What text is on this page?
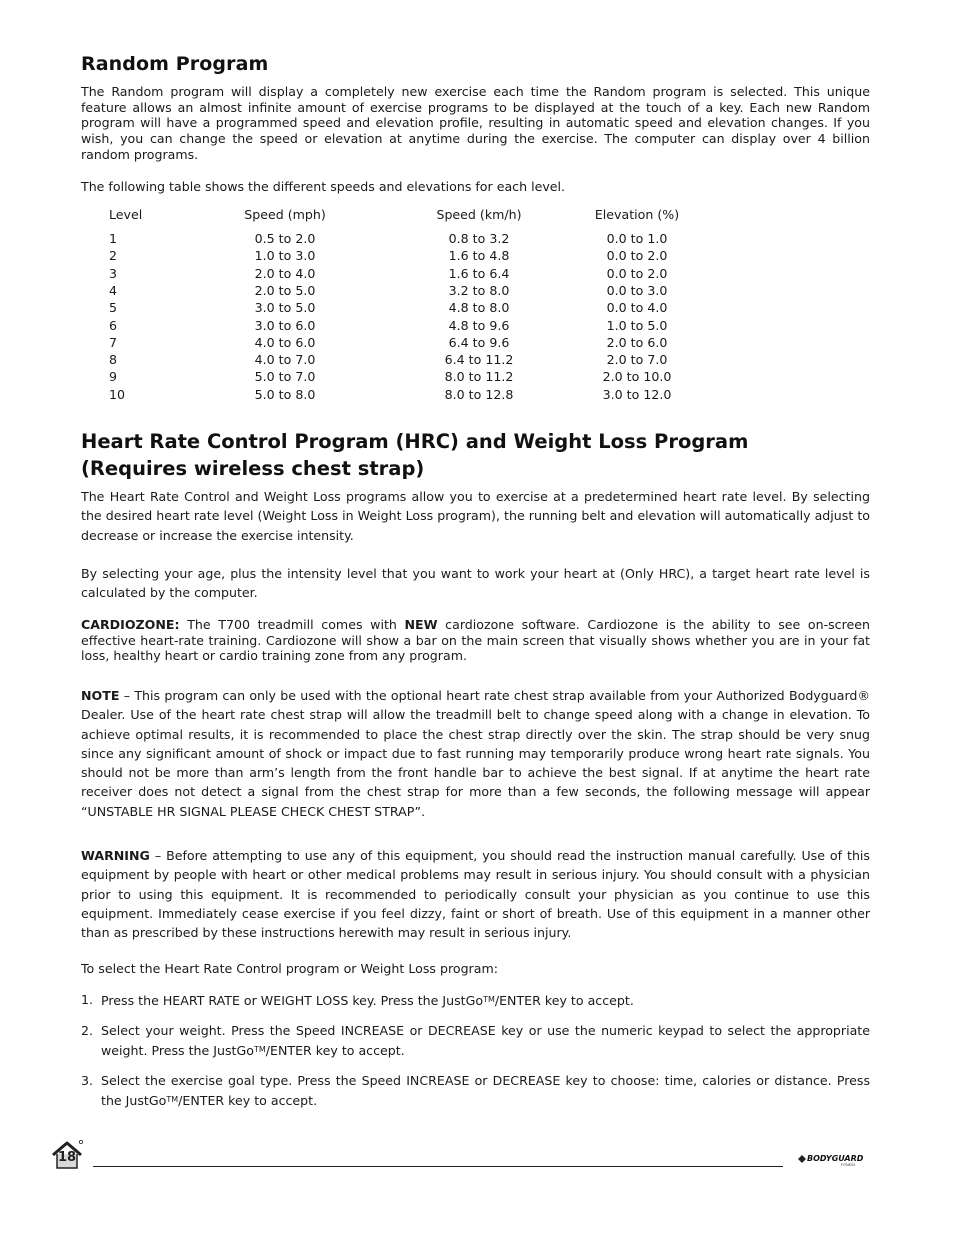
Random Program

The Random program will display a completely new exercise each time the Random program is selected. This unique feature allows an almost infinite amount of exercise programs to be displayed at the touch of a key. Each new Random program will have a programmed speed and elevation profile, resulting in automatic speed and elevation changes. If you wish, you can change the speed or elevation at anytime during the exercise. The computer can display over 4 billion random programs.

The following table shows the different speeds and elevations for each level.

Level	Speed (mph)	Speed (km/h)	Elevation (%)
1	0.5 to 2.0	0.8 to 3.2	0.0 to 1.0
2	1.0 to 3.0	1.6 to 4.8	0.0 to 2.0
3	2.0 to 4.0	1.6 to 6.4	0.0 to 2.0
4	2.0 to 5.0	3.2 to 8.0	0.0 to 3.0
5	3.0 to 5.0	4.8 to 8.0	0.0 to 4.0
6	3.0 to 6.0	4.8 to 9.6	1.0 to 5.0
7	4.0 to 6.0	6.4 to 9.6	2.0 to 6.0
8	4.0 to 7.0	6.4 to 11.2	2.0 to 7.0
9	5.0 to 7.0	8.0 to 11.2	2.0 to 10.0
10	5.0 to 8.0	8.0 to 12.8	3.0 to 12.0
Heart Rate Control Program (HRC) and Weight Loss Program
(Requires wireless chest strap)

The Heart Rate Control and Weight Loss programs allow you to exercise at a predetermined heart rate level. By selecting the desired heart rate level (Weight Loss in Weight Loss program), the running belt and elevation will automatically adjust to decrease or increase the exercise intensity.

By selecting your age, plus the intensity level that you want to work your heart at (Only HRC), a target heart rate level is calculated by the computer.

CARDIOZONE: The T700 treadmill comes with NEW cardiozone software. Cardiozone is the ability to see on-screen effective heart-rate training. Cardiozone will show a bar on the main screen that visually shows whether you are in your fat loss, healthy heart or cardio training zone from any program.

NOTE – This program can only be used with the optional heart rate chest strap available from your Authorized Bodyguard® Dealer. Use of the heart rate chest strap will allow the treadmill belt to change speed along with a change in elevation. To achieve optimal results, it is recommended to place the chest strap directly over the skin. The strap should be very snug since any significant amount of shock or impact due to fast running may temporarily produce wrong heart rate signals. You should not be more than arm’s length from the front handle bar to achieve the best signal. If at anytime the heart rate receiver does not detect a signal from the chest strap for more than a few seconds, the following message will appear “UNSTABLE HR SIGNAL PLEASE CHECK CHEST STRAP”.

WARNING – Before attempting to use any of this equipment, you should read the instruction manual carefully. Use of this equipment by people with heart or other medical problems may result in serious injury. You should consult with a physician prior to using this equipment. It is recommended to periodically consult your physician as you continue to use this equipment. Immediately cease exercise if you feel dizzy, faint or short of breath. Use of this equipment in a manner other than as prescribed by these instructions herewith may result in serious injury.

To select the Heart Rate Control program or Weight Loss program:

1. Press the HEART RATE or WEIGHT LOSS key. Press the JustGo™/ENTER key to accept.
2. Select your weight. Press the Speed INCREASE or DECREASE key or use the numeric keypad to select the appropriate weight. Press the JustGo™/ENTER key to accept.
3. Select the exercise goal type. Press the Speed INCREASE or DECREASE key to choose: time, calories or distance. Press the JustGo™/ENTER key to accept.
18	BODYGUARD
FITNESS
